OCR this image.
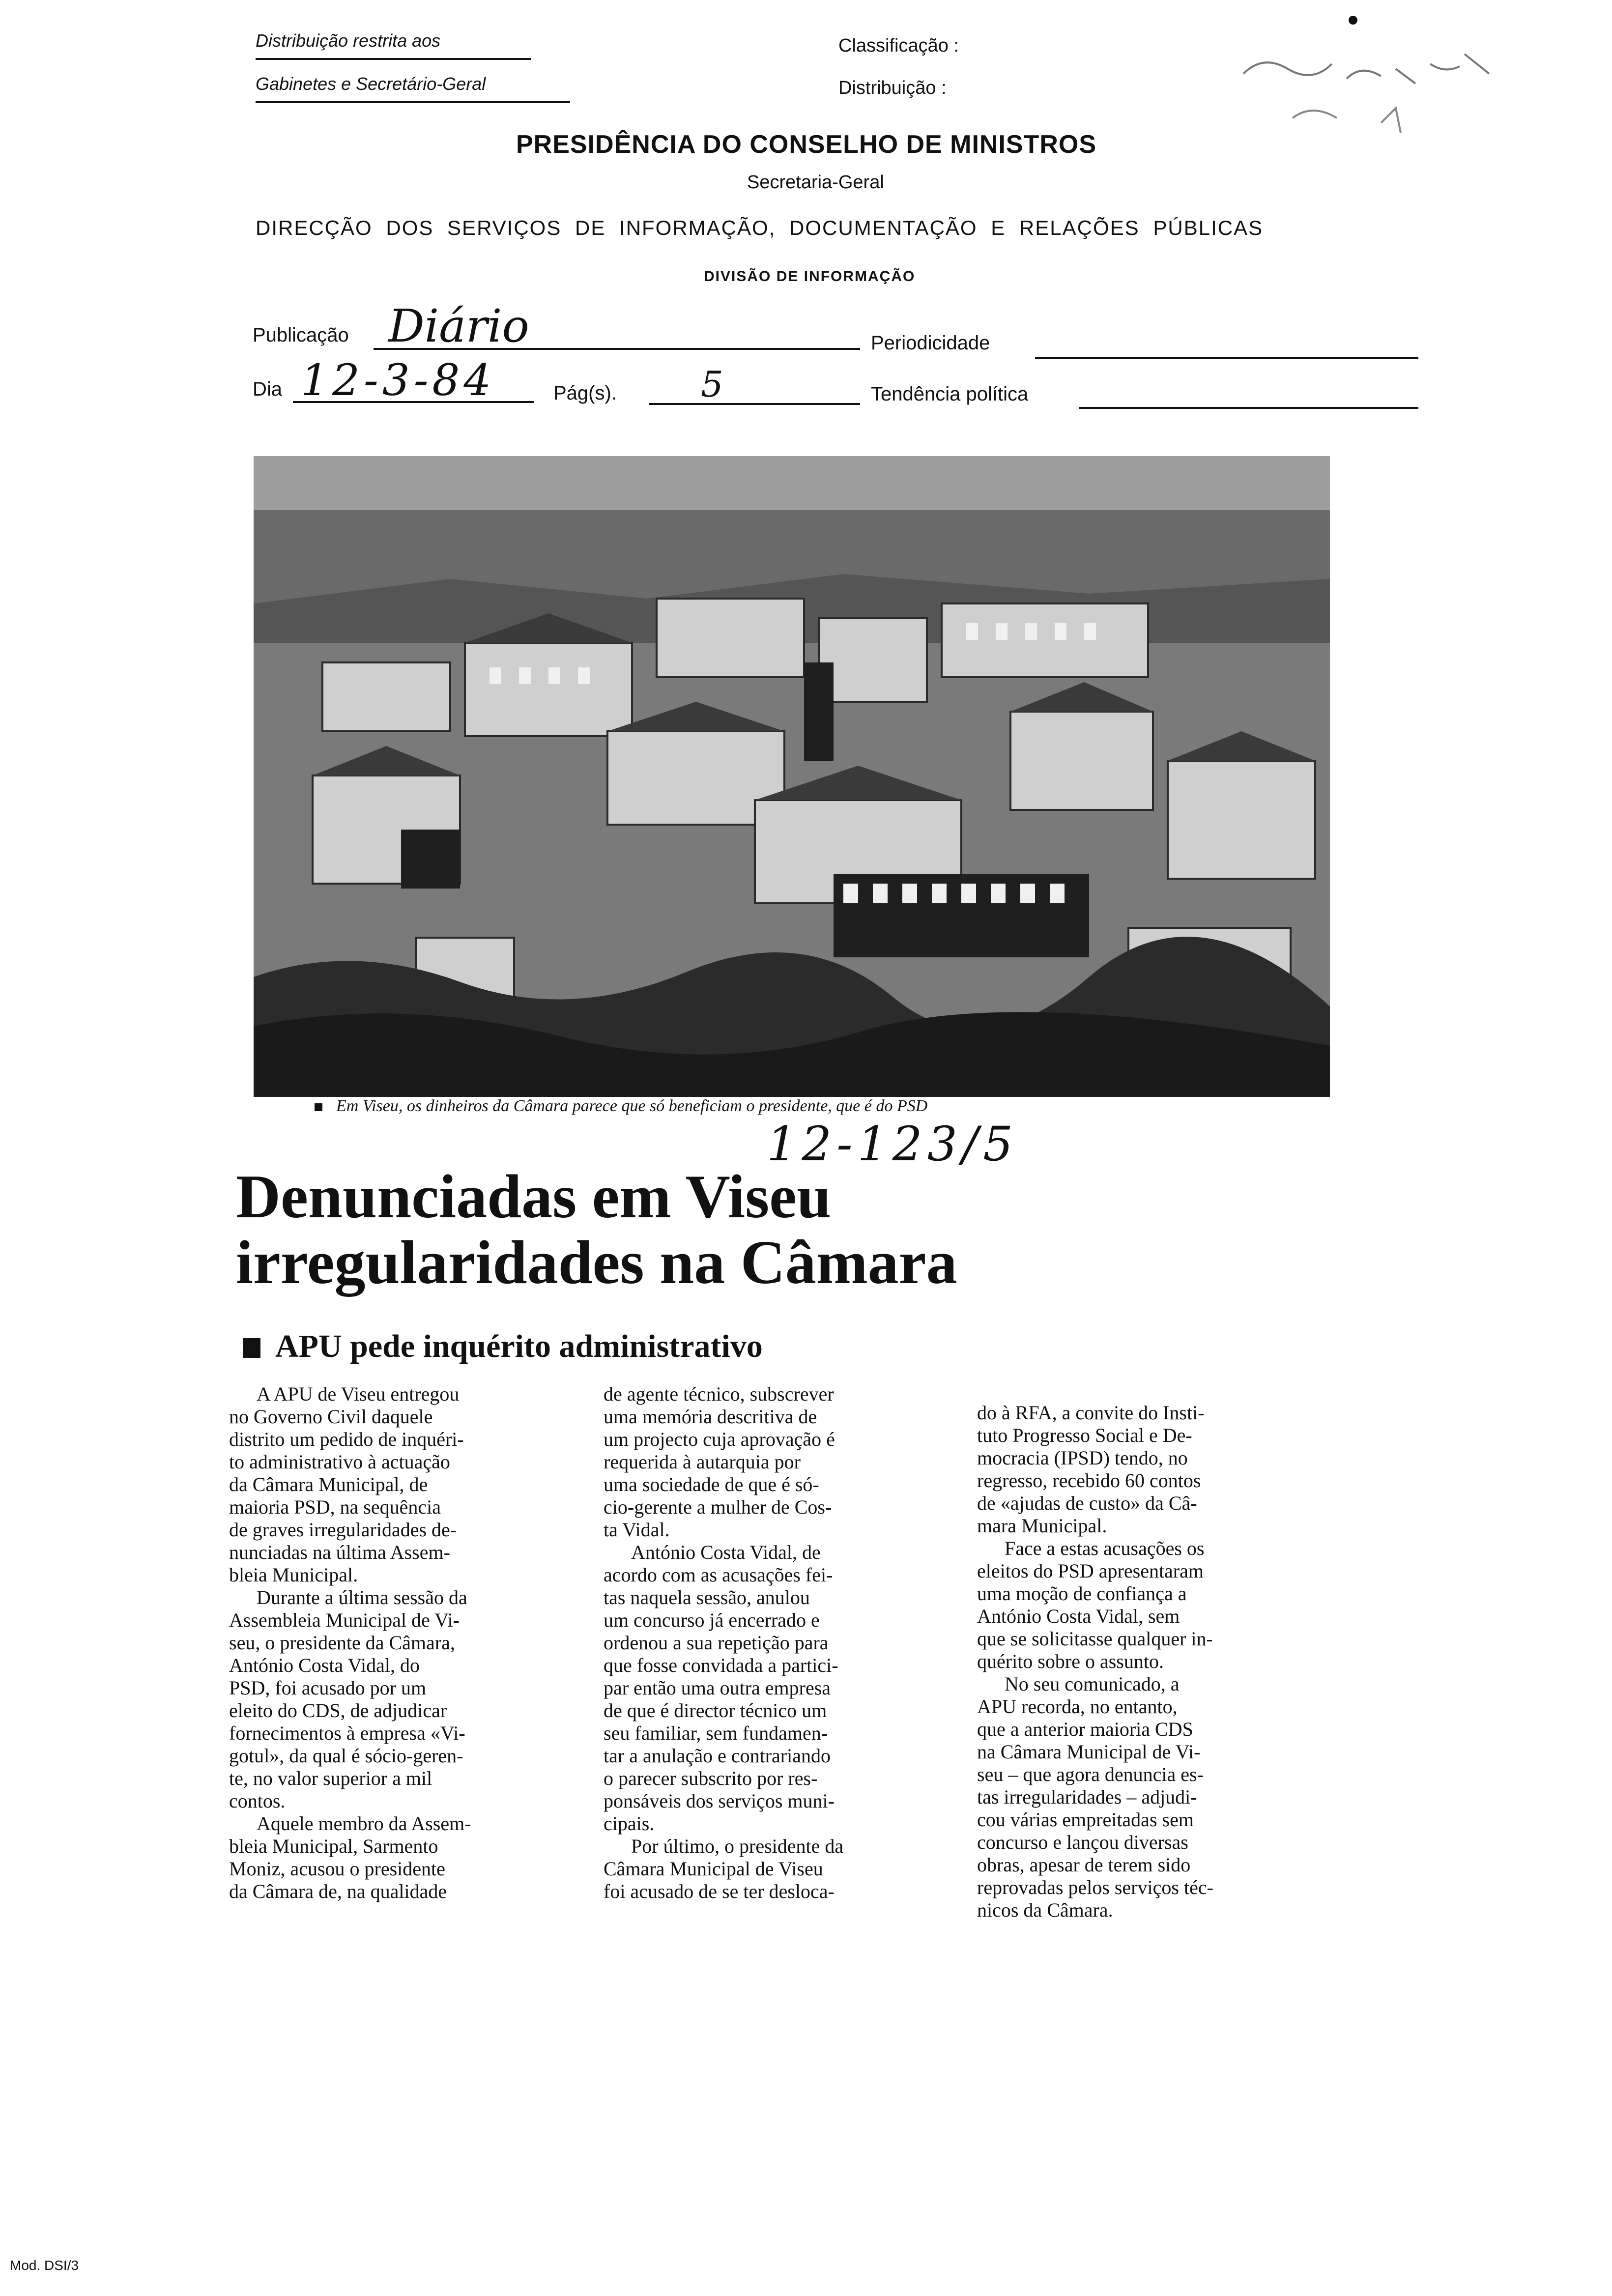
Distribuição restrita aos
Gabinetes e Secretário-Geral
Classificação :
Distribuição :
PRESIDÊNCIA DO CONSELHO DE MINISTROS
Secretaria-Geral
DIRECÇÃO DOS SERVIÇOS DE INFORMAÇÃO, DOCUMENTAÇÃO E RELAÇÕES PÚBLICAS
DIVISÃO DE INFORMAÇÃO
Publicação Diário	Periodicidade
Dia 12-3-84	Pág(s). 5	Tendência política
Em Viseu, os dinheiros da Câmara parece que só beneficiam o presidente, que é do PSD
12-123/5
Denunciadas em Viseu
irregularidades na Câmara
APU pede inquérito administrativo
A APU de Viseu entregou
no Governo Civil daquele
distrito um pedido de inquéri-
to administrativo à actuação
da Câmara Municipal, de
maioria PSD, na sequência
de graves irregularidades de-
nunciadas na última Assem-
bleia Municipal.
Durante a última sessão da
Assembleia Municipal de Vi-
seu, o presidente da Câmara,
António Costa Vidal, do
PSD, foi acusado por um
eleito do CDS, de adjudicar
fornecimentos à empresa «Vi-
gotul», da qual é sócio-geren-
te, no valor superior a mil
contos.
Aquele membro da Assem-
bleia Municipal, Sarmento
Moniz, acusou o presidente
da Câmara de, na qualidade
de agente técnico, subscrever
uma memória descritiva de
um projecto cuja aprovação é
requerida à autarquia por
uma sociedade de que é só-
cio-gerente a mulher de Cos-
ta Vidal.
António Costa Vidal, de
acordo com as acusações fei-
tas naquela sessão, anulou
um concurso já encerrado e
ordenou a sua repetição para
que fosse convidada a partici-
par então uma outra empresa
de que é director técnico um
seu familiar, sem fundamen-
tar a anulação e contrariando
o parecer subscrito por res-
ponsáveis dos serviços muni-
cipais.
Por último, o presidente da
Câmara Municipal de Viseu
foi acusado de se ter desloca-
do à RFA, a convite do Insti-
tuto Progresso Social e De-
mocracia (IPSD) tendo, no
regresso, recebido 60 contos
de «ajudas de custo» da Câ-
mara Municipal.
Face a estas acusações os
eleitos do PSD apresentaram
uma moção de confiança a
António Costa Vidal, sem
que se solicitasse qualquer in-
quérito sobre o assunto.
No seu comunicado, a
APU recorda, no entanto,
que a anterior maioria CDS
na Câmara Municipal de Vi-
seu – que agora denuncia es-
tas irregularidades – adjudi-
cou várias empreitadas sem
concurso e lançou diversas
obras, apesar de terem sido
reprovadas pelos serviços téc-
nicos da Câmara.
Mod. DSI/3
